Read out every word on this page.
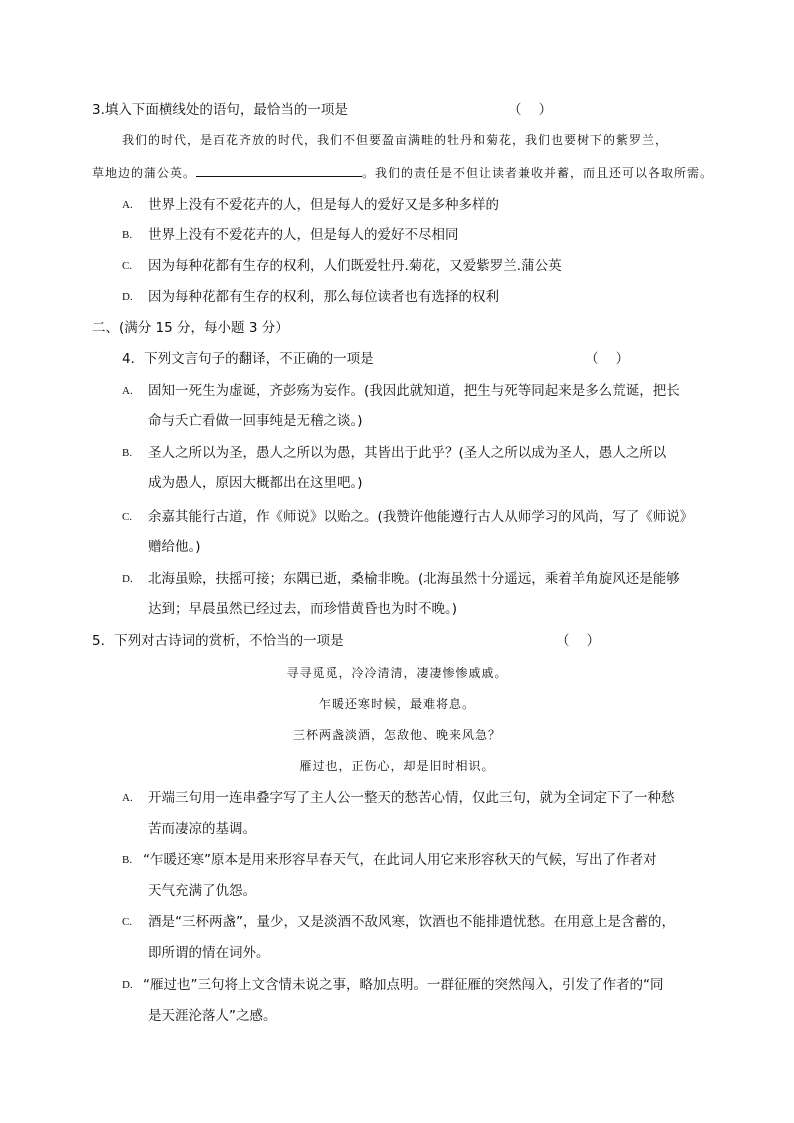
3.填入下面横线处的语句，最恰当的一项是	（    ）
我们的时代，是百花齐放的时代，我们不但要盈亩满畦的牡丹和菊花，我们也要树下的紫罗兰，
草地边的蒲公英。	。我们的责任是不但让读者兼收并蓄，而且还可以各取所需。
A. 世界上没有不爱花卉的人，但是每人的爱好又是多种多样的
B. 世界上没有不爱花卉的人，但是每人的爱好不尽相同
C. 因为每种花都有生存的权利，人们既爱牡丹.菊花，又爱紫罗兰.蒲公英
D. 因为每种花都有生存的权利，那么每位读者也有选择的权利
二、(满分 15 分，每小题 3 分）
4．下列文言句子的翻译，不正确的一项是	（    ）
A. 固知一死生为虚诞，齐彭殇为妄作。(我因此就知道，把生与死等同起来是多么荒诞，把长
命与夭亡看做一回事纯是无稽之谈。)
B. 圣人之所以为圣，愚人之所以为愚，其皆出于此乎？(圣人之所以成为圣人，愚人之所以
成为愚人，原因大概都出在这里吧。)
C. 余嘉其能行古道，作《师说》以贻之。(我赞许他能遵行古人从师学习的风尚，写了《师说》
赠给他。)
D. 北海虽赊，扶摇可接；东隅已逝，桑榆非晚。(北海虽然十分遥远，乘着羊角旋风还是能够
达到；早晨虽然已经过去，而珍惜黄昏也为时不晚。)
5．下列对古诗词的赏析，不恰当的一项是	（    ）
寻寻觅觅，冷冷清清，凄凄惨惨戚戚。
乍暖还寒时候，最难将息。
三杯两盏淡酒，怎敌他、晚来风急？
雁过也，正伤心，却是旧时相识。
A. 开端三句用一连串叠字写了主人公一整天的愁苦心情，仅此三句，就为全词定下了一种愁
苦而凄凉的基调。
B. “乍暖还寒”原本是用来形容早春天气，在此词人用它来形容秋天的气候，写出了作者对
天气充满了仇怨。
C. 酒是“三杯两盏”，量少，又是淡酒不敌风寒，饮酒也不能排遣忧愁。在用意上是含蓄的，
即所谓的情在词外。
D. “雁过也”三句将上文含情未说之事，略加点明。一群征雁的突然闯入，引发了作者的“同
是天涯沦落人”之感。
